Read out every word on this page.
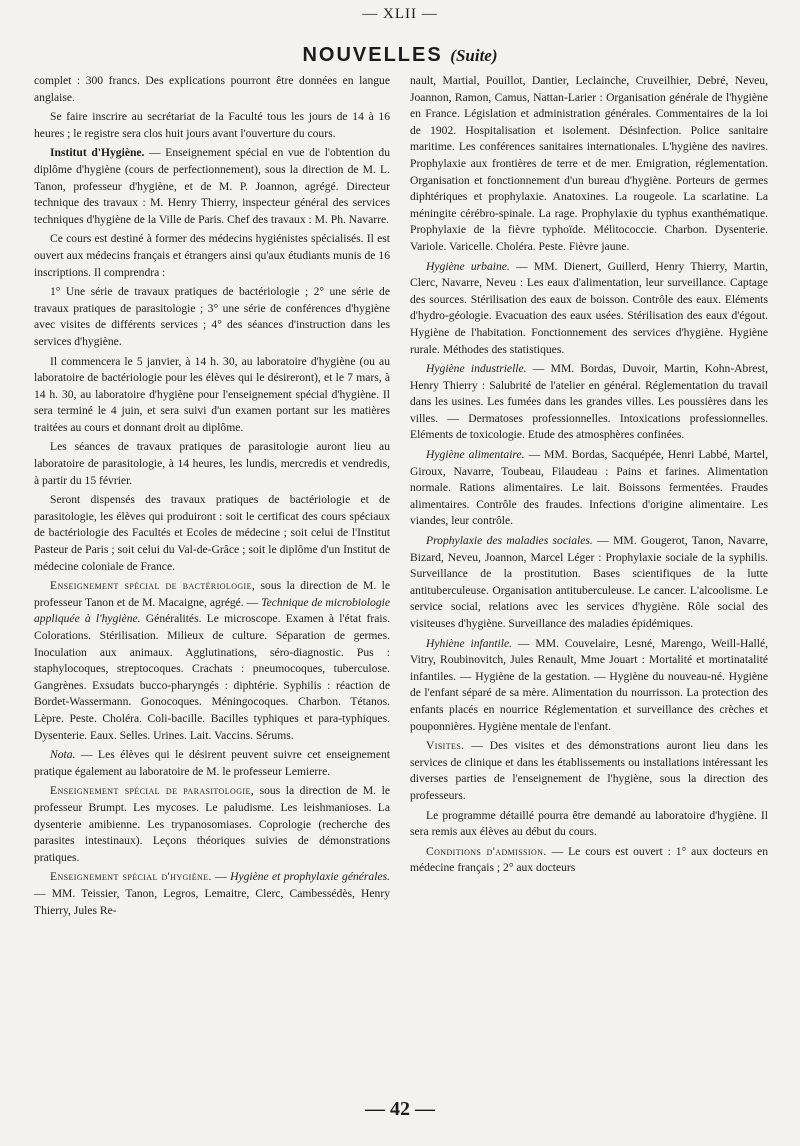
— XLII —
NOUVELLES (Suite)

complet : 300 francs. Des explications pourront être données en langue anglaise.

Se faire inscrire au secrétariat de la Faculté tous les jours de 14 à 16 heures ; le registre sera clos huit jours avant l'ouverture du cours.

Institut d'Hygiène. — Enseignement spécial en vue de l'obtention du diplôme d'hygiène (cours de perfectionnement), sous la direction de M. L. Tanon, professeur d'hygiène, et de M. P. Joannon, agrégé. Directeur technique des travaux : M. Henry Thierry, inspecteur général des services techniques d'hygiène de la Ville de Paris. Chef des travaux : M. Ph. Navarre.

Ce cours est destiné à former des médecins hygiénistes spécialisés. Il est ouvert aux médecins français et étrangers ainsi qu'aux étudiants munis de 16 inscriptions. Il comprendra :

1° Une série de travaux pratiques de bactériologie ; 2° une série de travaux pratiques de parasitologie ; 3° une série de conférences d'hygiène avec visites de différents services ; 4° des séances d'instruction dans les services d'hygiène.

Il commencera le 5 janvier, à 14 h. 30, au laboratoire d'hygiène (ou au laboratoire de bactériologie pour les élèves qui le désireront), et le 7 mars, à 14 h. 30, au laboratoire d'hygiène pour l'enseignement spécial d'hygiène. Il sera terminé le 4 juin, et sera suivi d'un examen portant sur les matières traitées au cours et donnant droit au diplôme.

Les séances de travaux pratiques de parasitologie auront lieu au laboratoire de parasitologie, à 14 heures, les lundis, mercredis et vendredis, à partir du 15 février.

Seront dispensés des travaux pratiques de bactériologie et de parasitologie, les élèves qui produiront : soit le certificat des cours spéciaux de bactériologie des Facultés et Ecoles de médecine ; soit celui de l'Institut Pasteur de Paris ; soit celui du Val-de-Grâce ; soit le diplôme d'un Institut de médecine coloniale de France.

Enseignement spécial de bactériologie, sous la direction de M. le professeur Tanon et de M. Macaigne, agrégé. — Technique de microbiologie appliquée à l'hygiène. Généralités. Le microscope. Examen à l'état frais. Colorations. Stérilisation. Milieux de culture. Séparation de germes. Inoculation aux animaux. Agglutinations, séro-diagnostic. Pus : staphylocoques, streptocoques. Crachats : pneumocoques, tuberculose. Gangrènes. Exsudats bucco-pharyngés : diphtérie. Syphilis : réaction de Bordet-Wassermann. Gonocoques. Méningocoques. Charbon. Tétanos. Lèpre. Peste. Choléra. Coli-bacille. Bacilles typhiques et para-typhiques. Dysenterie. Eaux. Selles. Urines. Lait. Vaccins. Sérums.

Nota. — Les élèves qui le désirent peuvent suivre cet enseignement pratique également au laboratoire de M. le professeur Lemierre.

Enseignement spécial de parasitologie, sous la direction de M. le professeur Brumpt. Les mycoses. Le paludisme. Les leishmanioses. La dysenterie amibienne. Les trypanosomiases. Coprologie (recherche des parasites intestinaux). Leçons théoriques suivies de démonstrations pratiques.

Enseignement spécial d'hygiène. — Hygiène et prophylaxie générales. — MM. Teissier, Tanon, Legros, Lemaitre, Clerc, Cambessédès, Henry Thierry, Jules Re-

nault, Martial, Pouillot, Dantier, Leclainche, Cruveilhier, Debré, Neveu, Joannon, Ramon, Camus, Nattan-Larier : Organisation générale de l'hygiène en France. Législation et administration générales. Commentaires de la loi de 1902. Hospitalisation et isolement. Désinfection. Police sanitaire maritime. Les conférences sanitaires internationales. L'hygiène des navires. Prophylaxie aux frontières de terre et de mer. Emigration, réglementation. Organisation et fonctionnement d'un bureau d'hygiène. Porteurs de germes diphtériques et prophylaxie. Anatoxines. La rougeole. La scarlatine. La méningite cérébro-spinale. La rage. Prophylaxie du typhus exanthématique. Prophylaxie de la fièvre typhoïde. Mélitococcie. Charbon. Dysenterie. Variole. Varicelle. Choléra. Peste. Fièvre jaune.

Hygiène urbaine. — MM. Dienert, Guillerd, Henry Thierry, Martin, Clerc, Navarre, Neveu : Les eaux d'alimentation, leur surveillance. Captage des sources. Stérilisation des eaux de boisson. Contrôle des eaux. Eléments d'hydro-géologie. Evacuation des eaux usées. Stérilisation des eaux d'égout. Hygiène de l'habitation. Fonctionnement des services d'hygiène. Hygiène rurale. Méthodes des statistiques.

Hygiène industrielle. — MM. Bordas, Duvoir, Martin, Kohn-Abrest, Henry Thierry : Salubrité de l'atelier en général. Réglementation du travail dans les usines. Les fumées dans les grandes villes. Les poussières dans les villes. — Dermatoses professionnelles. Intoxications professionnelles. Eléments de toxicologie. Etude des atmosphères confinées.

Hygiène alimentaire. — MM. Bordas, Sacquépée, Henri Labbé, Martel, Giroux, Navarre, Toubeau, Filaudeau : Pains et farines. Alimentation normale. Rations alimentaires. Le lait. Boissons fermentées. Fraudes alimentaires. Contrôle des fraudes. Infections d'origine alimentaire. Les viandes, leur contrôle.

Prophylaxie des maladies sociales. — MM. Gougerot, Tanon, Navarre, Bizard, Neveu, Joannon, Marcel Léger : Prophylaxie sociale de la syphilis. Surveillance de la prostitution. Bases scientifiques de la lutte antituberculeuse. Organisation antituberculeuse. Le cancer. L'alcoolisme. Le service social, relations avec les services d'hygiène. Rôle social des visiteuses d'hygiène. Surveillance des maladies épidémiques.

Hyhiène infantile. — MM. Couvelaire, Lesné, Marengo, Weill-Hallé, Vitry, Roubinovitch, Jules Renault, Mme Jouart : Mortalité et mortinatalité infantiles. — Hygiène de la gestation. — Hygiène du nouveau-né. Hygiène de l'enfant séparé de sa mère. Alimentation du nourrisson. La protection des enfants placés en nourrice Réglementation et surveillance des crèches et pouponnières. Hygiène mentale de l'enfant.

Visites. — Des visites et des démonstrations auront lieu dans les services de clinique et dans les établissements ou installations intéressant les diverses parties de l'enseignement de l'hygiène, sous la direction des professeurs.

Le programme détaillé pourra être demandé au laboratoire d'hygiène. Il sera remis aux élèves au début du cours.

Conditions d'admission. — Le cours est ouvert : 1° aux docteurs en médecine français ; 2° aux docteurs

— 42 —
